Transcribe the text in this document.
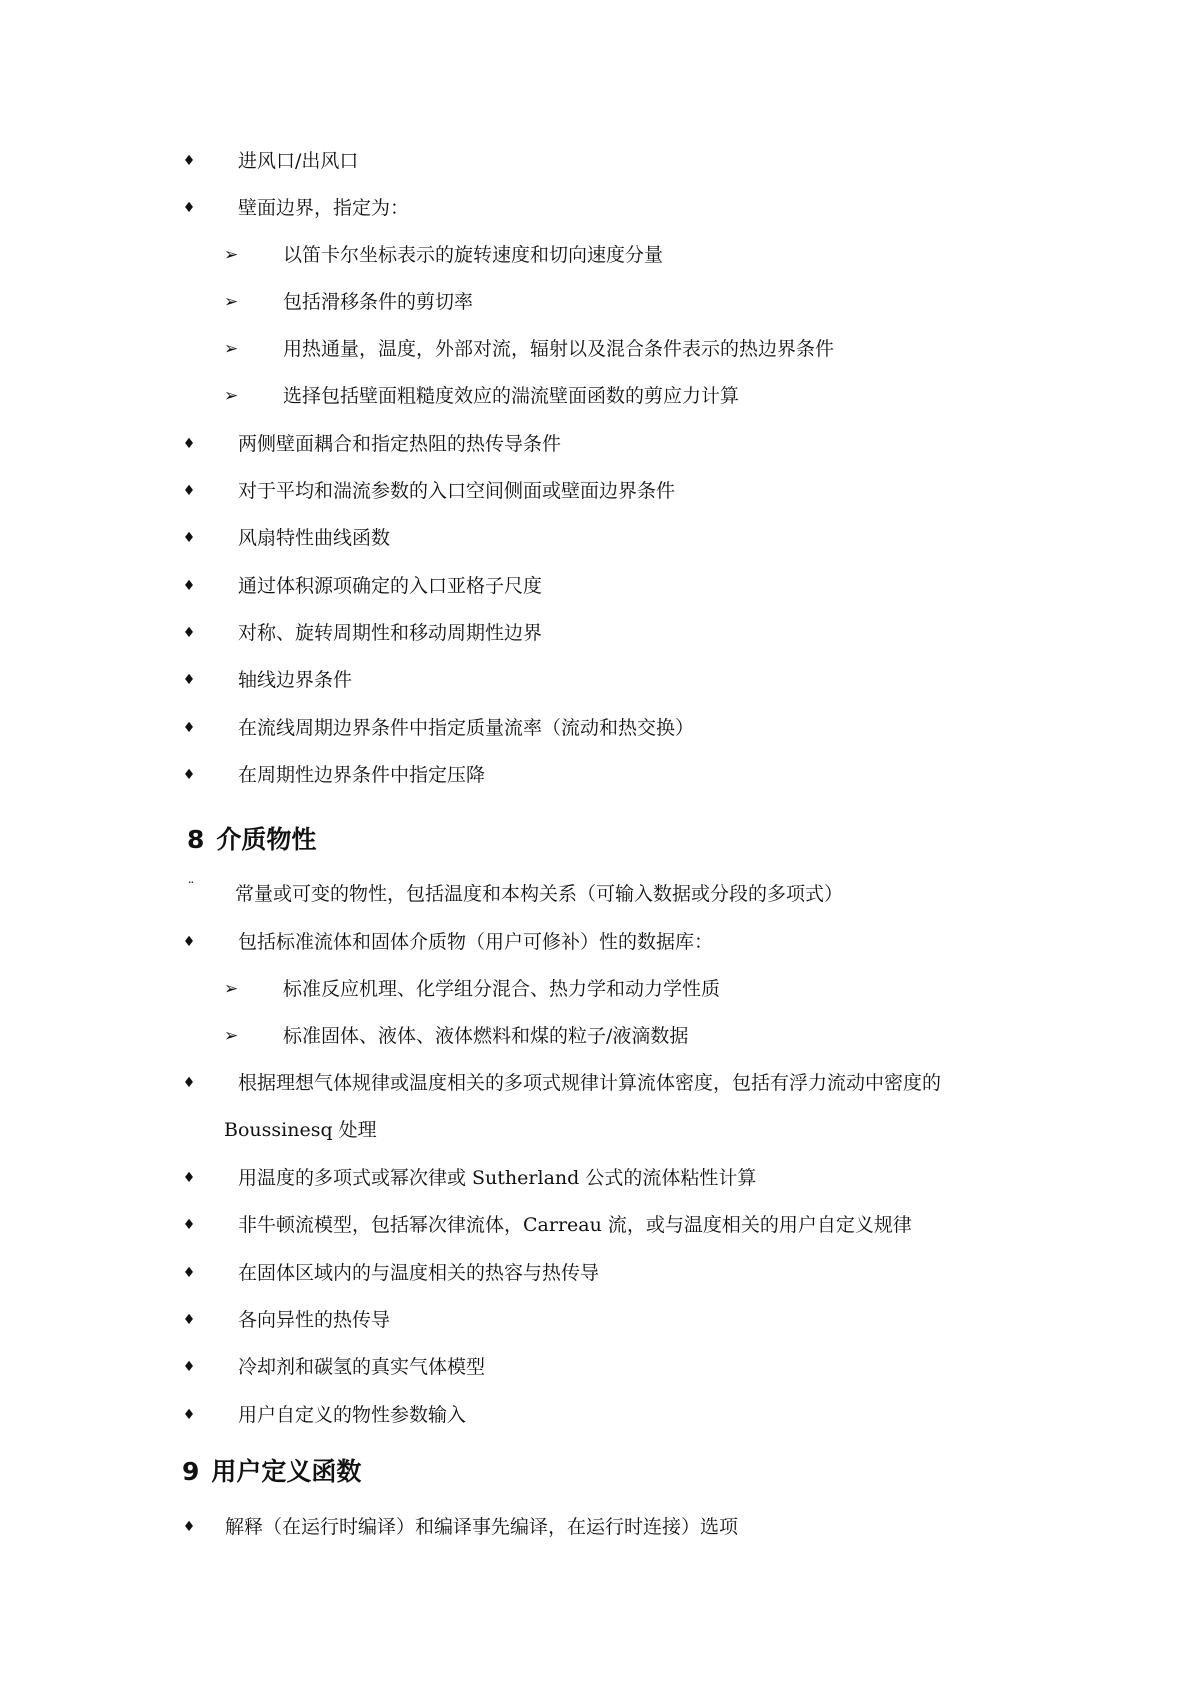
♦ 进风口/出风口
♦ 壁面边界，指定为：
➢ 以笛卡尔坐标表示的旋转速度和切向速度分量
➢ 包括滑移条件的剪切率
➢ 用热通量，温度，外部对流，辐射以及混合条件表示的热边界条件
➢ 选择包括壁面粗糙度效应的湍流壁面函数的剪应力计算
♦ 两侧壁面耦合和指定热阻的热传导条件
♦ 对于平均和湍流参数的入口空间侧面或壁面边界条件
♦ 风扇特性曲线函数
♦ 通过体积源项确定的入口亚格子尺度
♦ 对称、旋转周期性和移动周期性边界
♦ 轴线边界条件
♦ 在流线周期边界条件中指定质量流率（流动和热交换）
♦ 在周期性边界条件中指定压降
8 介质物性
¨ 常量或可变的物性，包括温度和本构关系（可输入数据或分段的多项式）
♦ 包括标准流体和固体介质物（用户可修补）性的数据库：
➢ 标准反应机理、化学组分混合、热力学和动力学性质
➢ 标准固体、液体、液体燃料和煤的粒子/液滴数据
♦ 根据理想气体规律或温度相关的多项式规律计算流体密度，包括有浮力流动中密度的
Boussinesq 处理
♦ 用温度的多项式或幂次律或 Sutherland 公式的流体粘性计算
♦ 非牛顿流模型，包括幂次律流体，Carreau 流，或与温度相关的用户自定义规律
♦ 在固体区域内的与温度相关的热容与热传导
♦ 各向异性的热传导
♦ 冷却剂和碳氢的真实气体模型
♦ 用户自定义的物性参数输入
9 用户定义函数
♦ 解释（在运行时编译）和编译事先编译，在运行时连接）选项
